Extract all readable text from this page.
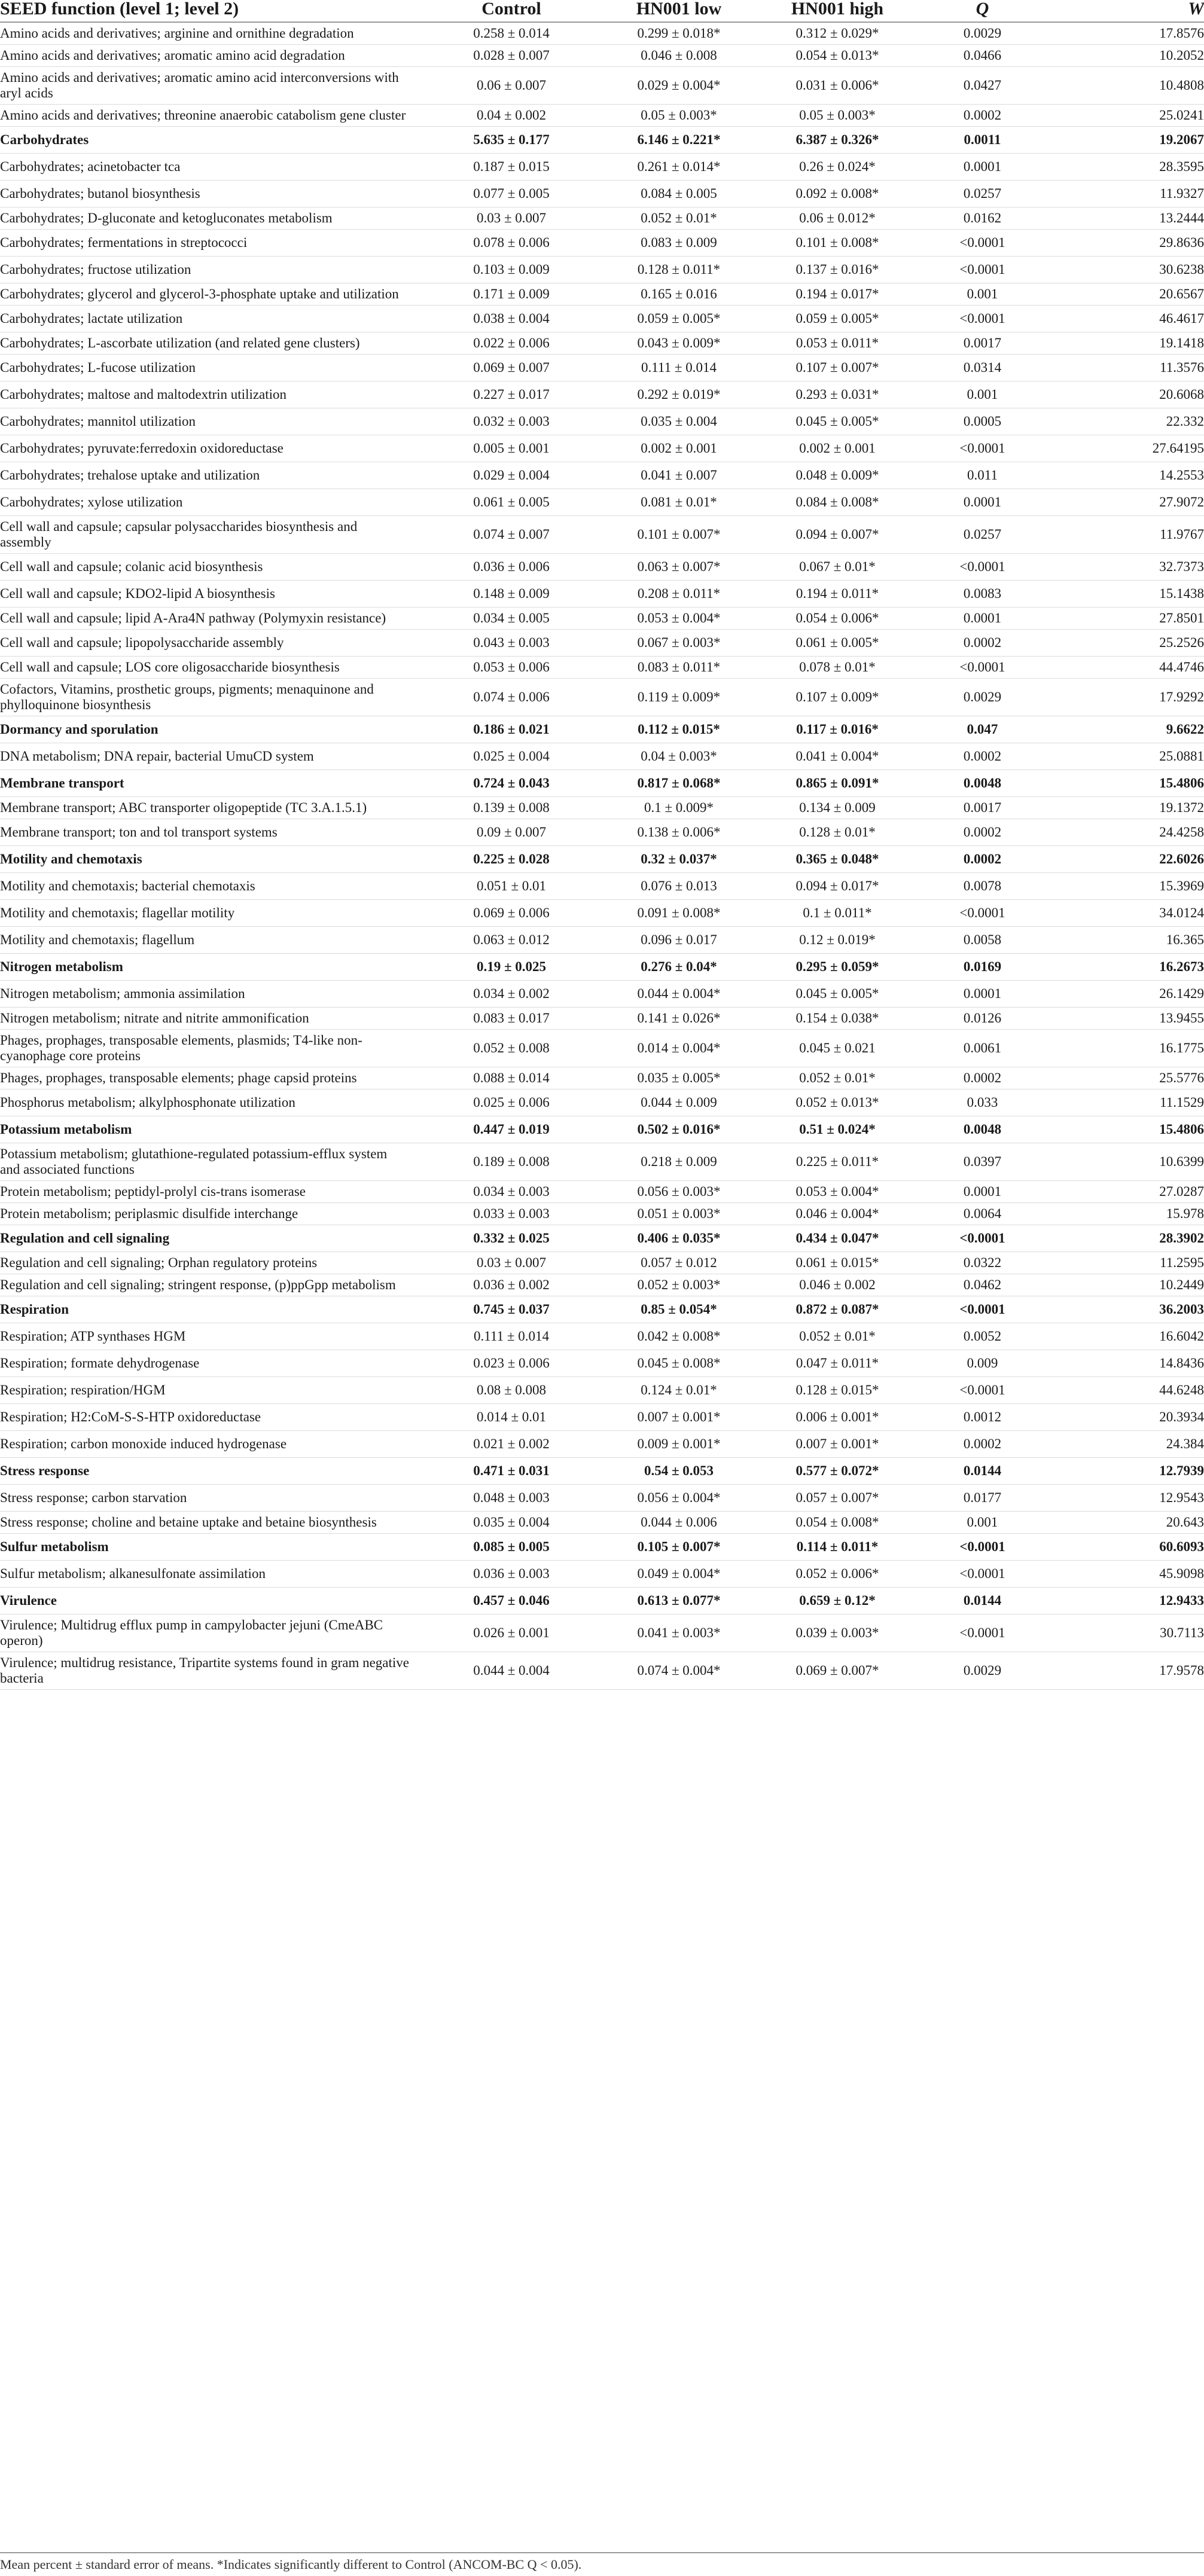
SEED function (level 1; level 2)	Control	HN001 low	HN001 high	Q	W
Amino acids and derivatives; arginine and ornithine degradation	0.258 ± 0.014	0.299 ± 0.018*	0.312 ± 0.029*	0.0029	17.8576
Amino acids and derivatives; aromatic amino acid degradation	0.028 ± 0.007	0.046 ± 0.008	0.054 ± 0.013*	0.0466	10.2052
Amino acids and derivatives; aromatic amino acid interconversions with aryl acids	0.06 ± 0.007	0.029 ± 0.004*	0.031 ± 0.006*	0.0427	10.4808
Amino acids and derivatives; threonine anaerobic catabolism gene cluster	0.04 ± 0.002	0.05 ± 0.003*	0.05 ± 0.003*	0.0002	25.0241
Carbohydrates	5.635 ± 0.177	6.146 ± 0.221*	6.387 ± 0.326*	0.0011	19.2067
Carbohydrates; acinetobacter tca	0.187 ± 0.015	0.261 ± 0.014*	0.26 ± 0.024*	0.0001	28.3595
Carbohydrates; butanol biosynthesis	0.077 ± 0.005	0.084 ± 0.005	0.092 ± 0.008*	0.0257	11.9327
Carbohydrates; D-gluconate and ketogluconates metabolism	0.03 ± 0.007	0.052 ± 0.01*	0.06 ± 0.012*	0.0162	13.2444
Carbohydrates; fermentations in streptococci	0.078 ± 0.006	0.083 ± 0.009	0.101 ± 0.008*	<0.0001	29.8636
Carbohydrates; fructose utilization	0.103 ± 0.009	0.128 ± 0.011*	0.137 ± 0.016*	<0.0001	30.6238
Carbohydrates; glycerol and glycerol-3-phosphate uptake and utilization	0.171 ± 0.009	0.165 ± 0.016	0.194 ± 0.017*	0.001	20.6567
Carbohydrates; lactate utilization	0.038 ± 0.004	0.059 ± 0.005*	0.059 ± 0.005*	<0.0001	46.4617
Carbohydrates; L-ascorbate utilization (and related gene clusters)	0.022 ± 0.006	0.043 ± 0.009*	0.053 ± 0.011*	0.0017	19.1418
Carbohydrates; L-fucose utilization	0.069 ± 0.007	0.111 ± 0.014	0.107 ± 0.007*	0.0314	11.3576
Carbohydrates; maltose and maltodextrin utilization	0.227 ± 0.017	0.292 ± 0.019*	0.293 ± 0.031*	0.001	20.6068
Carbohydrates; mannitol utilization	0.032 ± 0.003	0.035 ± 0.004	0.045 ± 0.005*	0.0005	22.332
Carbohydrates; pyruvate:ferredoxin oxidoreductase	0.005 ± 0.001	0.002 ± 0.001	0.002 ± 0.001	<0.0001	27.64195
Carbohydrates; trehalose uptake and utilization	0.029 ± 0.004	0.041 ± 0.007	0.048 ± 0.009*	0.011	14.2553
Carbohydrates; xylose utilization	0.061 ± 0.005	0.081 ± 0.01*	0.084 ± 0.008*	0.0001	27.9072
Cell wall and capsule; capsular polysaccharides biosynthesis and assembly	0.074 ± 0.007	0.101 ± 0.007*	0.094 ± 0.007*	0.0257	11.9767
Cell wall and capsule; colanic acid biosynthesis	0.036 ± 0.006	0.063 ± 0.007*	0.067 ± 0.01*	<0.0001	32.7373
Cell wall and capsule; KDO2-lipid A biosynthesis	0.148 ± 0.009	0.208 ± 0.011*	0.194 ± 0.011*	0.0083	15.1438
Cell wall and capsule; lipid A-Ara4N pathway (Polymyxin resistance)	0.034 ± 0.005	0.053 ± 0.004*	0.054 ± 0.006*	0.0001	27.8501
Cell wall and capsule; lipopolysaccharide assembly	0.043 ± 0.003	0.067 ± 0.003*	0.061 ± 0.005*	0.0002	25.2526
Cell wall and capsule; LOS core oligosaccharide biosynthesis	0.053 ± 0.006	0.083 ± 0.011*	0.078 ± 0.01*	<0.0001	44.4746
Cofactors, Vitamins, prosthetic groups, pigments; menaquinone and phylloquinone biosynthesis	0.074 ± 0.006	0.119 ± 0.009*	0.107 ± 0.009*	0.0029	17.9292
Dormancy and sporulation	0.186 ± 0.021	0.112 ± 0.015*	0.117 ± 0.016*	0.047	9.6622
DNA metabolism; DNA repair, bacterial UmuCD system	0.025 ± 0.004	0.04 ± 0.003*	0.041 ± 0.004*	0.0002	25.0881
Membrane transport	0.724 ± 0.043	0.817 ± 0.068*	0.865 ± 0.091*	0.0048	15.4806
Membrane transport; ABC transporter oligopeptide (TC 3.A.1.5.1)	0.139 ± 0.008	0.1 ± 0.009*	0.134 ± 0.009	0.0017	19.1372
Membrane transport; ton and tol transport systems	0.09 ± 0.007	0.138 ± 0.006*	0.128 ± 0.01*	0.0002	24.4258
Motility and chemotaxis	0.225 ± 0.028	0.32 ± 0.037*	0.365 ± 0.048*	0.0002	22.6026
Motility and chemotaxis; bacterial chemotaxis	0.051 ± 0.01	0.076 ± 0.013	0.094 ± 0.017*	0.0078	15.3969
Motility and chemotaxis; flagellar motility	0.069 ± 0.006	0.091 ± 0.008*	0.1 ± 0.011*	<0.0001	34.0124
Motility and chemotaxis; flagellum	0.063 ± 0.012	0.096 ± 0.017	0.12 ± 0.019*	0.0058	16.365
Nitrogen metabolism	0.19 ± 0.025	0.276 ± 0.04*	0.295 ± 0.059*	0.0169	16.2673
Nitrogen metabolism; ammonia assimilation	0.034 ± 0.002	0.044 ± 0.004*	0.045 ± 0.005*	0.0001	26.1429
Nitrogen metabolism; nitrate and nitrite ammonification	0.083 ± 0.017	0.141 ± 0.026*	0.154 ± 0.038*	0.0126	13.9455
Phages, prophages, transposable elements, plasmids; T4-like non-cyanophage core proteins	0.052 ± 0.008	0.014 ± 0.004*	0.045 ± 0.021	0.0061	16.1775
Phages, prophages, transposable elements; phage capsid proteins	0.088 ± 0.014	0.035 ± 0.005*	0.052 ± 0.01*	0.0002	25.5776
Phosphorus metabolism; alkylphosphonate utilization	0.025 ± 0.006	0.044 ± 0.009	0.052 ± 0.013*	0.033	11.1529
Potassium metabolism	0.447 ± 0.019	0.502 ± 0.016*	0.51 ± 0.024*	0.0048	15.4806
Potassium metabolism; glutathione-regulated potassium-efflux system and associated functions	0.189 ± 0.008	0.218 ± 0.009	0.225 ± 0.011*	0.0397	10.6399
Protein metabolism; peptidyl-prolyl cis-trans isomerase	0.034 ± 0.003	0.056 ± 0.003*	0.053 ± 0.004*	0.0001	27.0287
Protein metabolism; periplasmic disulfide interchange	0.033 ± 0.003	0.051 ± 0.003*	0.046 ± 0.004*	0.0064	15.978
Regulation and cell signaling	0.332 ± 0.025	0.406 ± 0.035*	0.434 ± 0.047*	<0.0001	28.3902
Regulation and cell signaling; Orphan regulatory proteins	0.03 ± 0.007	0.057 ± 0.012	0.061 ± 0.015*	0.0322	11.2595
Regulation and cell signaling; stringent response, (p)ppGpp metabolism	0.036 ± 0.002	0.052 ± 0.003*	0.046 ± 0.002	0.0462	10.2449
Respiration	0.745 ± 0.037	0.85 ± 0.054*	0.872 ± 0.087*	<0.0001	36.2003
Respiration; ATP synthases HGM	0.111 ± 0.014	0.042 ± 0.008*	0.052 ± 0.01*	0.0052	16.6042
Respiration; formate dehydrogenase	0.023 ± 0.006	0.045 ± 0.008*	0.047 ± 0.011*	0.009	14.8436
Respiration; respiration/HGM	0.08 ± 0.008	0.124 ± 0.01*	0.128 ± 0.015*	<0.0001	44.6248
Respiration; H2:CoM-S-S-HTP oxidoreductase	0.014 ± 0.01	0.007 ± 0.001*	0.006 ± 0.001*	0.0012	20.3934
Respiration; carbon monoxide induced hydrogenase	0.021 ± 0.002	0.009 ± 0.001*	0.007 ± 0.001*	0.0002	24.384
Stress response	0.471 ± 0.031	0.54 ± 0.053	0.577 ± 0.072*	0.0144	12.7939
Stress response; carbon starvation	0.048 ± 0.003	0.056 ± 0.004*	0.057 ± 0.007*	0.0177	12.9543
Stress response; choline and betaine uptake and betaine biosynthesis	0.035 ± 0.004	0.044 ± 0.006	0.054 ± 0.008*	0.001	20.643
Sulfur metabolism	0.085 ± 0.005	0.105 ± 0.007*	0.114 ± 0.011*	<0.0001	60.6093
Sulfur metabolism; alkanesulfonate assimilation	0.036 ± 0.003	0.049 ± 0.004*	0.052 ± 0.006*	<0.0001	45.9098
Virulence	0.457 ± 0.046	0.613 ± 0.077*	0.659 ± 0.12*	0.0144	12.9433
Virulence; Multidrug efflux pump in campylobacter jejuni (CmeABC operon)	0.026 ± 0.001	0.041 ± 0.003*	0.039 ± 0.003*	<0.0001	30.7113
Virulence; multidrug resistance, Tripartite systems found in gram negative bacteria	0.044 ± 0.004	0.074 ± 0.004*	0.069 ± 0.007*	0.0029	17.9578
Mean percent ± standard error of means. *Indicates significantly different to Control (ANCOM-BC Q < 0.05).
